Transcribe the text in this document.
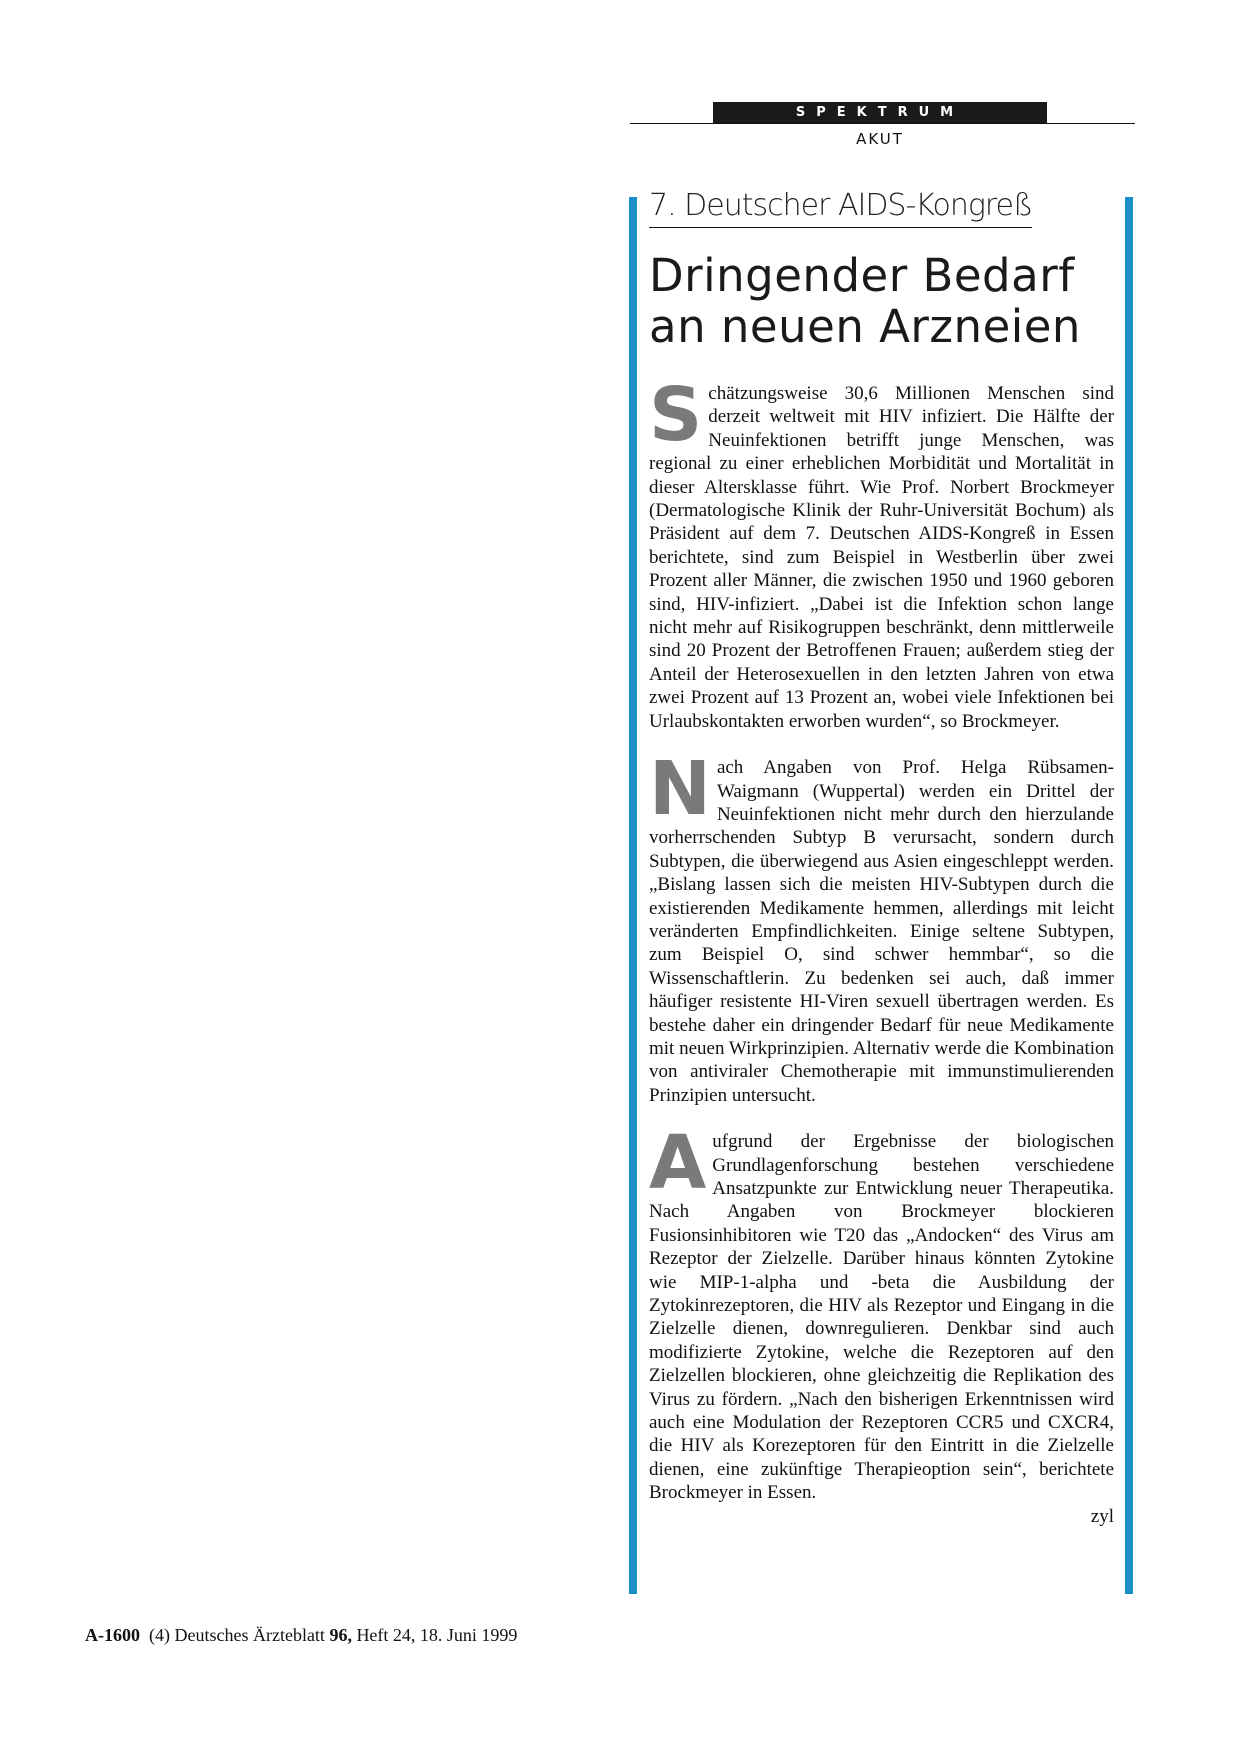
SPEKTRUM
AKUT

7. Deutscher AIDS-Kongreß

Dringender Bedarf
an neuen Arzneien

Schätzungsweise 30,6 Millionen Menschen sind derzeit weltweit mit HIV infiziert. Die Hälfte der Neuinfektionen betrifft junge Menschen, was regional zu einer erheblichen Morbidität und Mortalität in dieser Altersklasse führt. Wie Prof. Norbert Brockmeyer (Dermatologische Klinik der Ruhr-Universität Bochum) als Präsident auf dem 7. Deutschen AIDS-Kongreß in Essen berichtete, sind zum Beispiel in Westberlin über zwei Prozent aller Männer, die zwischen 1950 und 1960 geboren sind, HIV-infiziert. „Dabei ist die Infektion schon lange nicht mehr auf Risikogruppen beschränkt, denn mittlerweile sind 20 Prozent der Betroffenen Frauen; außerdem stieg der Anteil der Heterosexuellen in den letzten Jahren von etwa zwei Prozent auf 13 Prozent an, wobei viele Infektionen bei Urlaubskontakten erworben wurden“, so Brockmeyer.

Nach Angaben von Prof. Helga Rübsamen-Waigmann (Wuppertal) werden ein Drittel der Neuinfektionen nicht mehr durch den hierzulande vorherrschenden Subtyp B verursacht, sondern durch Subtypen, die überwiegend aus Asien eingeschleppt werden. „Bislang lassen sich die meisten HIV-Subtypen durch die existierenden Medikamente hemmen, allerdings mit leicht veränderten Empfindlichkeiten. Einige seltene Subtypen, zum Beispiel O, sind schwer hemmbar“, so die Wissenschaftlerin. Zu bedenken sei auch, daß immer häufiger resistente HI-Viren sexuell übertragen werden. Es bestehe daher ein dringender Bedarf für neue Medikamente mit neuen Wirkprinzipien. Alternativ werde die Kombination von antiviraler Chemotherapie mit immunstimulierenden Prinzipien untersucht.

Aufgrund der Ergebnisse der biologischen Grundlagenforschung bestehen verschiedene Ansatzpunkte zur Entwicklung neuer Therapeutika. Nach Angaben von Brockmeyer blockieren Fusionsinhibitoren wie T20 das „Andocken“ des Virus am Rezeptor der Zielzelle. Darüber hinaus könnten Zytokine wie MIP-1-alpha und -beta die Ausbildung der Zytokinrezeptoren, die HIV als Rezeptor und Eingang in die Zielzelle dienen, downregulieren. Denkbar sind auch modifizierte Zytokine, welche die Rezeptoren auf den Zielzellen blockieren, ohne gleichzeitig die Replikation des Virus zu fördern. „Nach den bisherigen Erkenntnissen wird auch eine Modulation der Rezeptoren CCR5 und CXCR4, die HIV als Korezeptoren für den Eintritt in die Zielzelle dienen, eine zukünftige Therapieoption sein“, berichtete Brockmeyer in Essen.

zyl
A-1600 (4) Deutsches Ärzteblatt 96, Heft 24, 18. Juni 1999
